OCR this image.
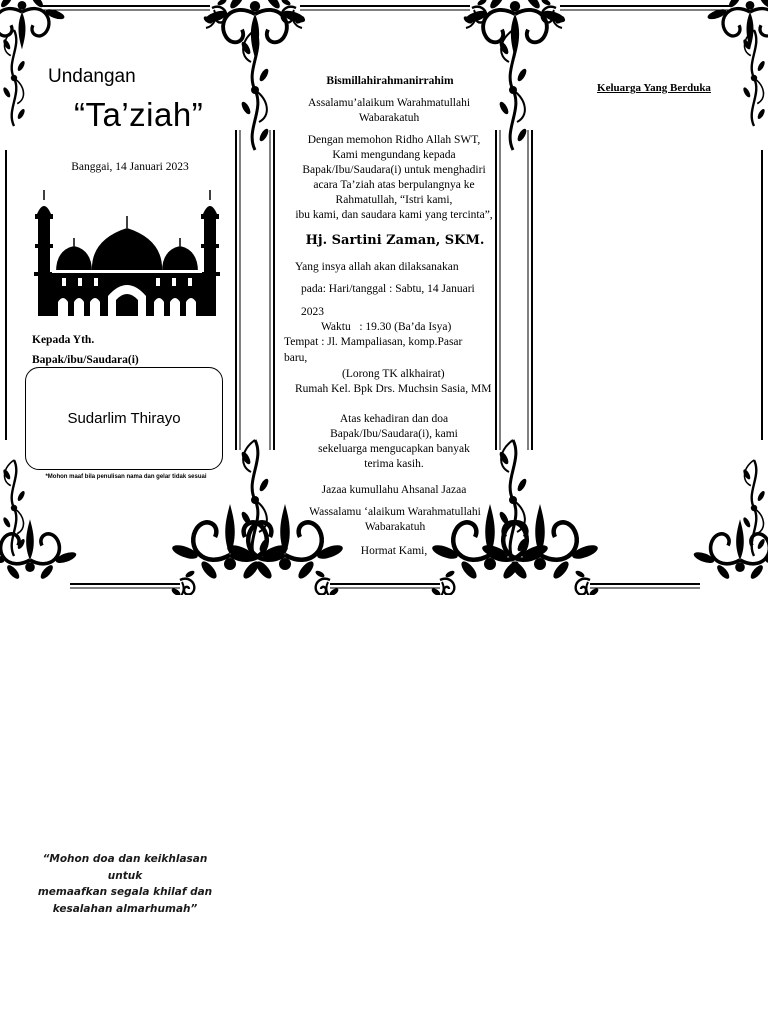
Undangan
“Ta’ziah”
Banggai, 14 Januari 2023
Kepada Yth.
Bapak/ibu/Saudara(i)
Sudarlim Thirayo
*Mohon maaf bila penulisan nama dan gelar tidak sesuai
Bismillahirahmanirrahim
Assalamu’alaikum Warahmatullahi
Wabarakatuh
Dengan memohon Ridho Allah SWT,
Kami mengundang kepada
Bapak/Ibu/Saudara(i) untuk menghadiri
acara Ta’ziah atas berpulangnya ke
Rahmatullah, “Istri kami,
ibu kami, dan saudara kami yang tercinta”,
Hj. Sartini Zaman, SKM.
Yang insya allah akan dilaksanakan
pada: Hari/tanggal : Sabtu, 14 Januari
2023
Waktu   : 19.30 (Ba’da Isya)
Tempat : Jl. Mampaliasan, komp.Pasar
baru,
(Lorong TK alkhairat)
Rumah Kel. Bpk Drs. Muchsin Sasia, MM
Atas kehadiran dan doa
Bapak/Ibu/Saudara(i), kami
sekeluarga mengucapkan banyak
terima kasih.
Jazaa kumullahu Ahsanal Jazaa
Wassalamu ‘alaikum Warahmatullahi
Wabarakatuh
Hormat Kami,
Keluarga Yang Berduka
“Mohon doa dan keikhlasan untuk
memaafkan segala khilaf dan
kesalahan almarhumah”
